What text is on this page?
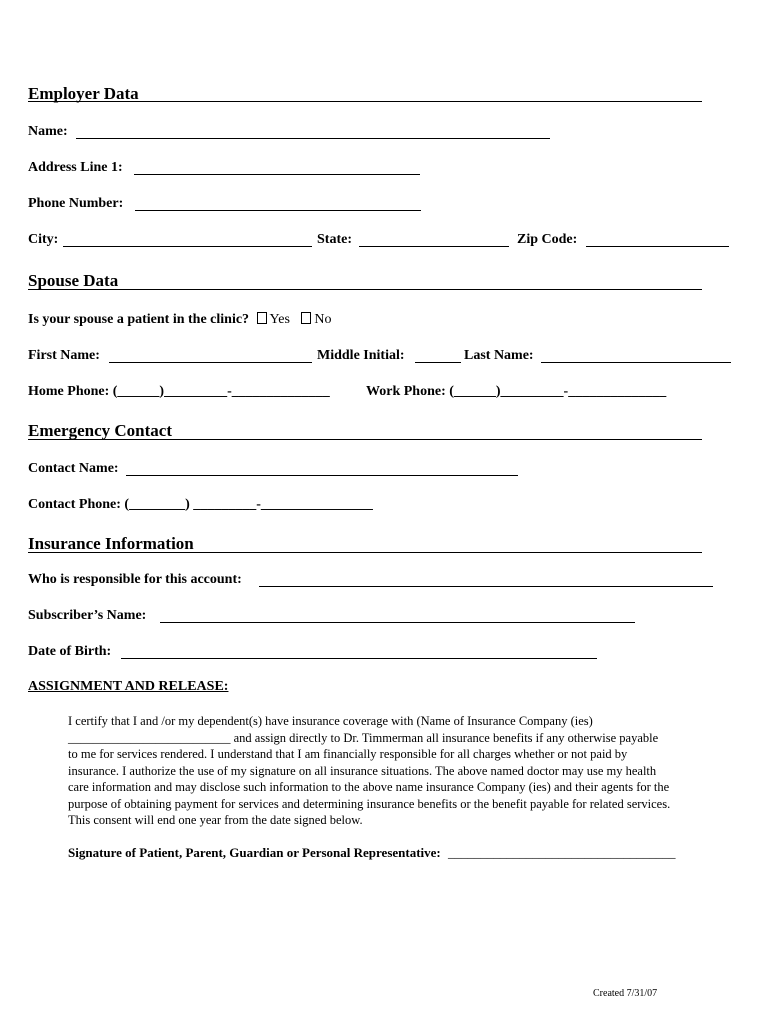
Employer Data
Name:
Address Line 1:
Phone Number:
City:	State:	Zip Code:
Spouse Data
Is your spouse a patient in the clinic? Yes No
First Name:	Middle Initial:	Last Name:
Home Phone: (______)_________-______________	Work Phone: (______)_________-______________
Emergency Contact
Contact Name:
Contact Phone: (________) _________-________________
Insurance Information
Who is responsible for this account:
Subscriber’s Name:
Date of Birth:
ASSIGNMENT AND RELEASE:
I certify that I and /or my dependent(s) have insurance coverage with (Name of Insurance Company (ies)
__________________________ and assign directly to Dr. Timmerman all insurance benefits if any otherwise payable
to me for services rendered. I understand that I am financially responsible for all charges whether or not paid by
insurance. I authorize the use of my signature on all insurance situations. The above named doctor may use my health
care information and may disclose such information to the above name insurance Company (ies) and their agents for the
purpose of obtaining payment for services and determining insurance benefits or the benefit payable for related services.
This consent will end one year from the date signed below.
Signature of Patient, Parent, Guardian or Personal Representative: ___________________________________
Created 7/31/07
